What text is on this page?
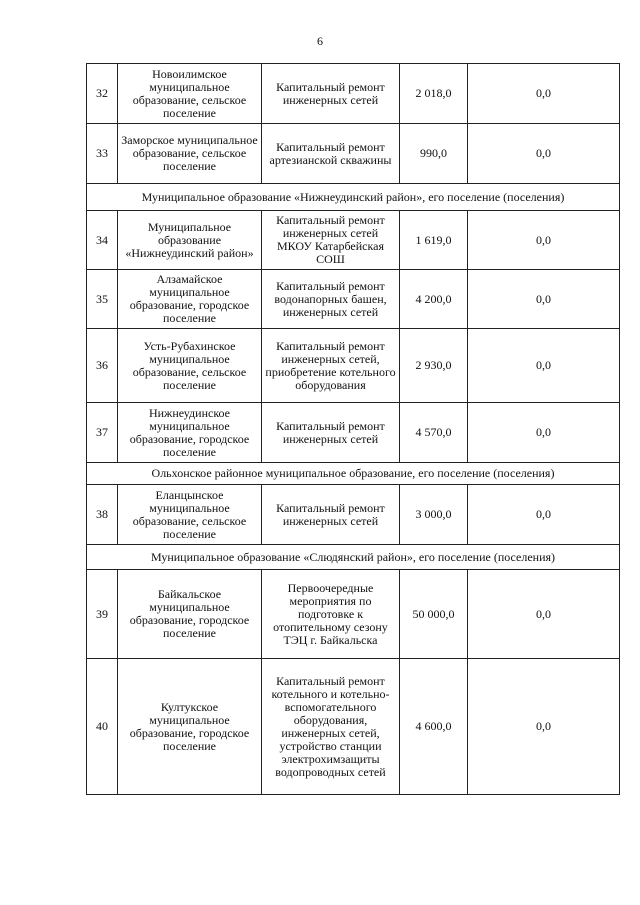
6
32	Новоилимское муниципальное образование, сельское поселение	Капитальный ремонт инженерных сетей	2 018,0	0,0
33	Заморское муниципальное образование, сельское поселение	Капитальный ремонт артезианской скважины	990,0	0,0
Муниципальное образование «Нижнеудинский район», его поселение (поселения)				
34	Муниципальное образование «Нижнеудинский район»	Капитальный ремонт инженерных сетей МКОУ Катарбейская СОШ	1 619,0	0,0
35	Алзамайское муниципальное образование, городское поселение	Капитальный ремонт водонапорных башен, инженерных сетей	4 200,0	0,0
36	Усть-Рубахинское муниципальное образование, сельское поселение	Капитальный ремонт инженерных сетей, приобретение котельного оборудования	2 930,0	0,0
37	Нижнеудинское муниципальное образование, городское поселение	Капитальный ремонт инженерных сетей	4 570,0	0,0
Ольхонское районное муниципальное образование, его поселение (поселения)				
38	Еланцынское муниципальное образование, сельское поселение	Капитальный ремонт инженерных сетей	3 000,0	0,0
Муниципальное образование «Слюдянский район», его поселение (поселения)				
39	Байкальское муниципальное образование, городское поселение	Первоочередные мероприятия по подготовке к отопительному сезону ТЭЦ г. Байкальска	50 000,0	0,0
40	Култукское муниципальное образование, городское поселение	Капитальный ремонт котельного и котельно-вспомогательного оборудования, инженерных сетей, устройство станции электрохимзащиты водопроводных сетей	4 600,0	0,0
